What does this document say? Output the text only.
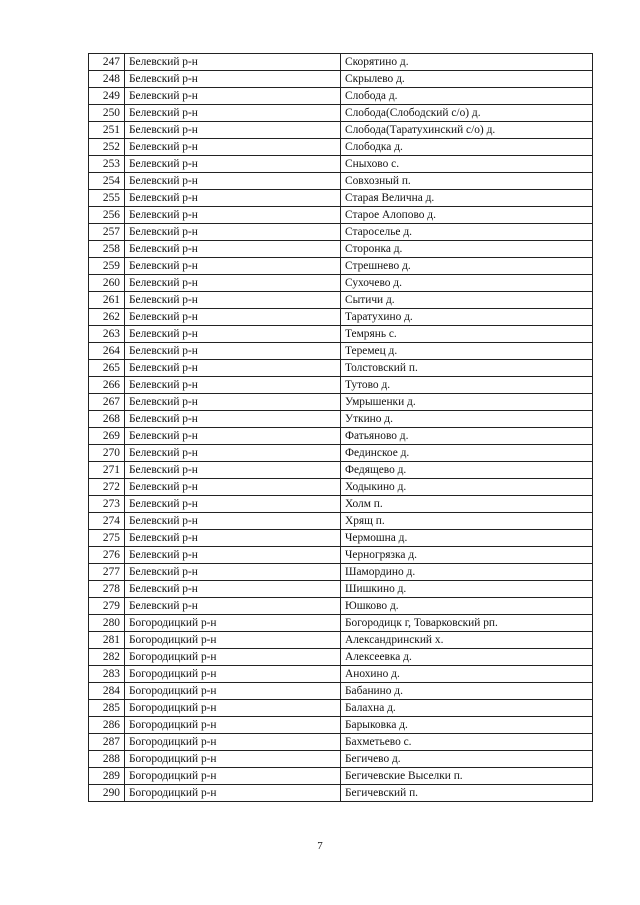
247	Белевский р-н	Скорятино д.
248	Белевский р-н	Скрылево д.
249	Белевский р-н	Слобода д.
250	Белевский р-н	Слобода(Слободский с/о) д.
251	Белевский р-н	Слобода(Таратухинский с/о) д.
252	Белевский р-н	Слободка д.
253	Белевский р-н	Сныхово с.
254	Белевский р-н	Совхозный п.
255	Белевский р-н	Старая Велична д.
256	Белевский р-н	Старое Алопово д.
257	Белевский р-н	Староселье д.
258	Белевский р-н	Сторонка д.
259	Белевский р-н	Стрешнево д.
260	Белевский р-н	Сухочево д.
261	Белевский р-н	Сытичи д.
262	Белевский р-н	Таратухино д.
263	Белевский р-н	Темрянь с.
264	Белевский р-н	Теремец д.
265	Белевский р-н	Толстовский п.
266	Белевский р-н	Тутово д.
267	Белевский р-н	Умрышенки д.
268	Белевский р-н	Уткино д.
269	Белевский р-н	Фатьяново д.
270	Белевский р-н	Фединское д.
271	Белевский р-н	Федящево д.
272	Белевский р-н	Ходыкино д.
273	Белевский р-н	Холм п.
274	Белевский р-н	Хрящ п.
275	Белевский р-н	Чермошна д.
276	Белевский р-н	Черногрязка д.
277	Белевский р-н	Шамордино д.
278	Белевский р-н	Шишкино д.
279	Белевский р-н	Юшково д.
280	Богородицкий р-н	Богородицк г, Товарковский рп.
281	Богородицкий р-н	Александринский х.
282	Богородицкий р-н	Алексеевка д.
283	Богородицкий р-н	Анохино д.
284	Богородицкий р-н	Бабанино д.
285	Богородицкий р-н	Балахна д.
286	Богородицкий р-н	Барыковка д.
287	Богородицкий р-н	Бахметьево с.
288	Богородицкий р-н	Бегичево д.
289	Богородицкий р-н	Бегичевские Выселки п.
290	Богородицкий р-н	Бегичевский п.
7
